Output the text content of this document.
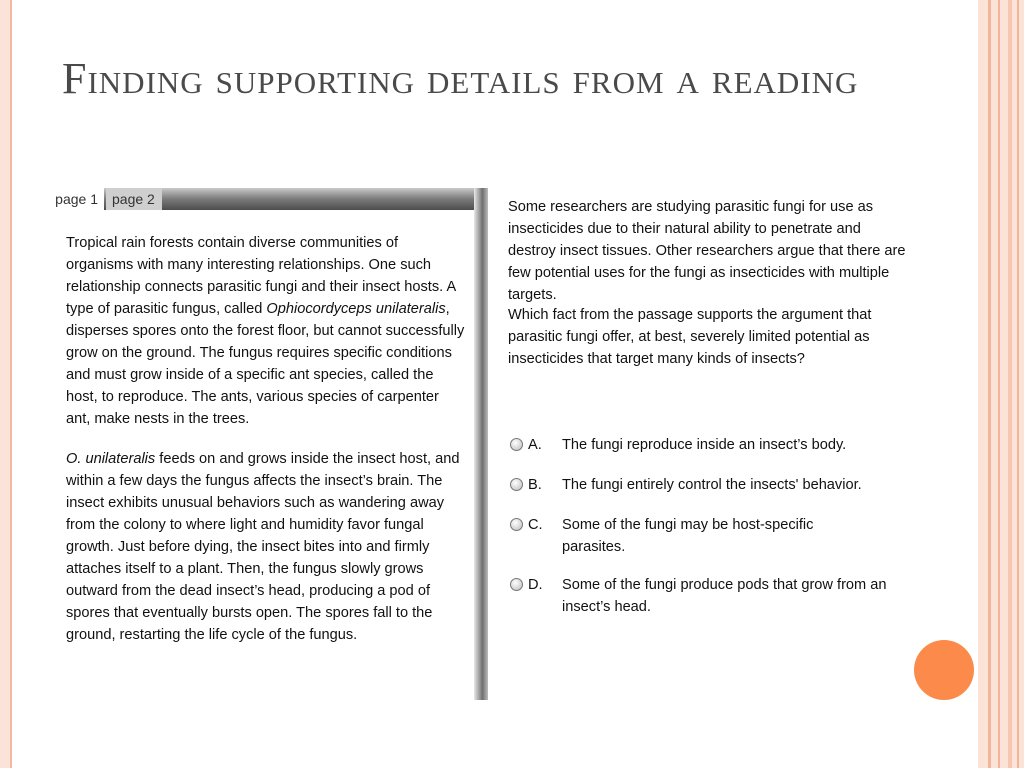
Finding supporting details from a reading
page 1	page 2

Tropical rain forests contain diverse communities of organisms with many interesting relationships. One such relationship connects parasitic fungi and their insect hosts. A type of parasitic fungus, called Ophiocordyceps unilateralis, disperses spores onto the forest floor, but cannot successfully grow on the ground. The fungus requires specific conditions and must grow inside of a specific ant species, called the host, to reproduce. The ants, various species of carpenter ant, make nests in the trees.

O. unilateralis feeds on and grows inside the insect host, and within a few days the fungus affects the insect’s brain. The insect exhibits unusual behaviors such as wandering away from the colony to where light and humidity favor fungal growth. Just before dying, the insect bites into and firmly attaches itself to a plant. Then, the fungus slowly grows outward from the dead insect’s head, producing a pod of spores that eventually bursts open. The spores fall to the ground, restarting the life cycle of the fungus.

Some researchers are studying parasitic fungi for use as insecticides due to their natural ability to penetrate and destroy insect tissues. Other researchers argue that there are few potential uses for the fungi as insecticides with multiple targets.

Which fact from the passage supports the argument that parasitic fungi offer, at best, severely limited potential as insecticides that target many kinds of insects?

A. The fungi reproduce inside an insect’s body.
B. The fungi entirely control the insects' behavior.
C. Some of the fungi may be host-specific parasites.
D. Some of the fungi produce pods that grow from an insect’s head.
